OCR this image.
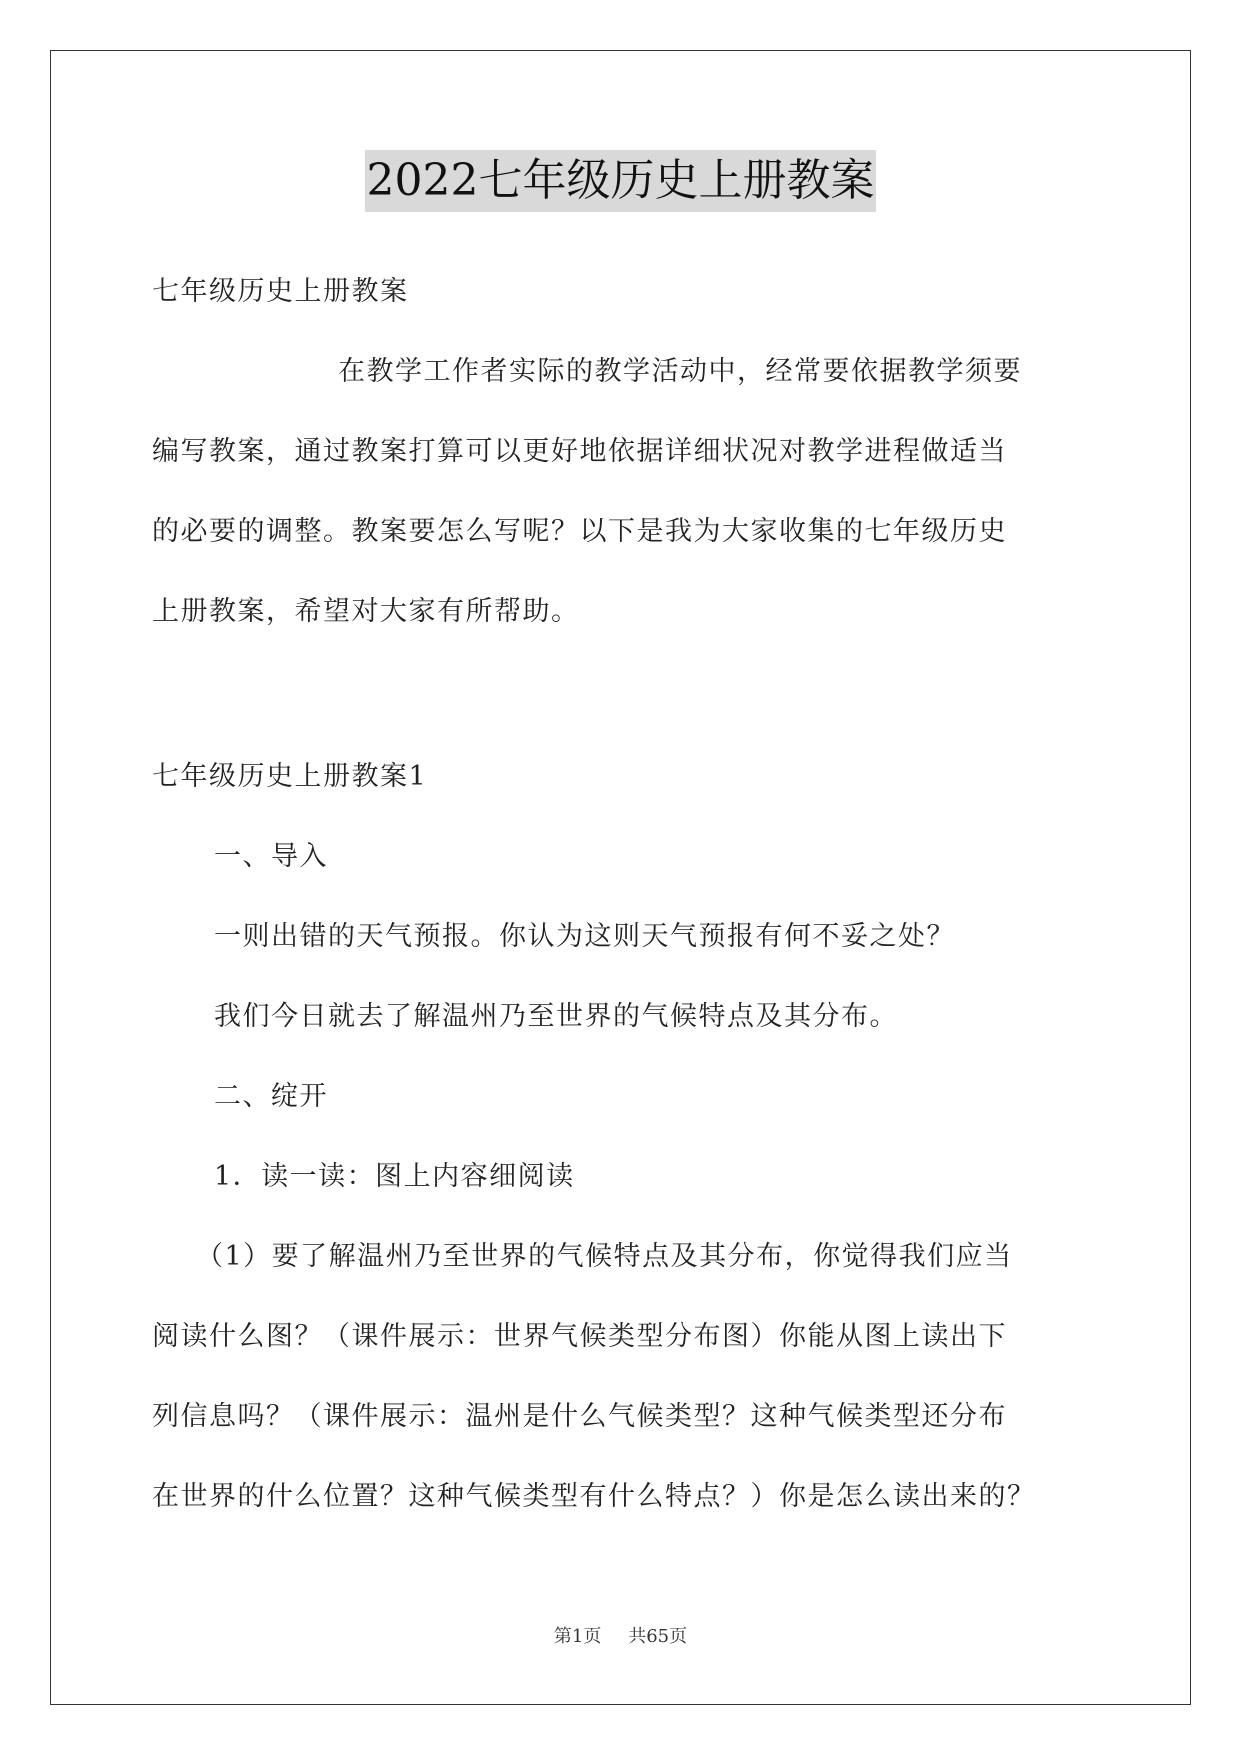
2022七年级历史上册教案
七年级历史上册教案
在教学工作者实际的教学活动中，经常要依据教学须要
编写教案，通过教案打算可以更好地依据详细状况对教学进程做适当
的必要的调整。教案要怎么写呢？以下是我为大家收集的七年级历史
上册教案，希望对大家有所帮助。
七年级历史上册教案1
一、导入
一则出错的天气预报。你认为这则天气预报有何不妥之处？
我们今日就去了解温州乃至世界的气候特点及其分布。
二、绽开
1．读一读：图上内容细阅读
（1）要了解温州乃至世界的气候特点及其分布，你觉得我们应当
阅读什么图？（课件展示：世界气候类型分布图）你能从图上读出下
列信息吗？（课件展示：温州是什么气候类型？这种气候类型还分布
在世界的什么位置？这种气候类型有什么特点？）你是怎么读出来的？
第1页 共65页
